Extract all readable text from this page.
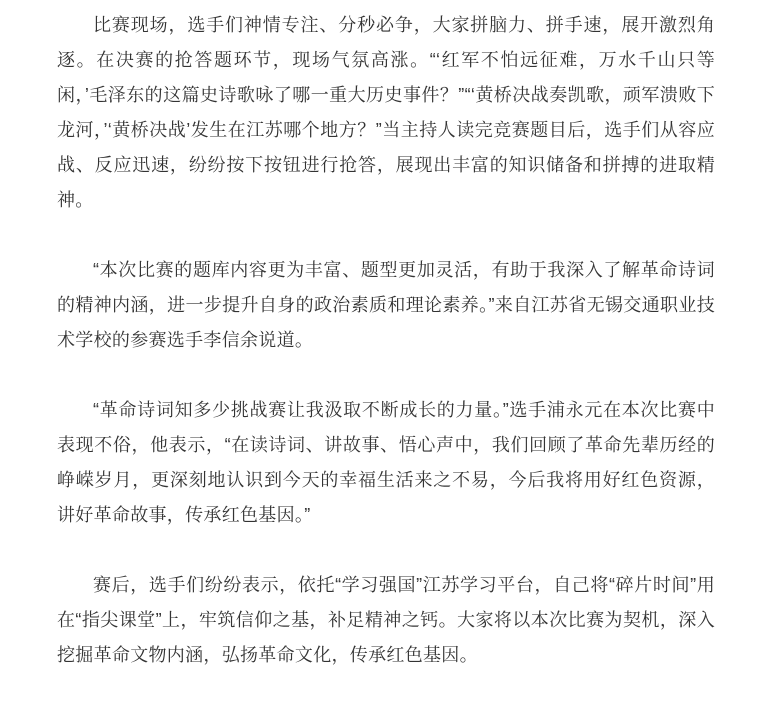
比赛现场，选手们神情专注、分秒必争，大家拼脑力、拼手速，展开激烈角逐。在决赛的抢答题环节，现场气氛高涨。“‘红军不怕远征难，万水千山只等闲，’毛泽东的这篇史诗歌咏了哪一重大历史事件？”“‘黄桥决战奏凯歌，顽军溃败下龙河，’‘黄桥决战’发生在江苏哪个地方？”当主持人读完竞赛题目后，选手们从容应战、反应迅速，纷纷按下按钮进行抢答，展现出丰富的知识储备和拼搏的进取精神。

“本次比赛的题库内容更为丰富、题型更加灵活，有助于我深入了解革命诗词的精神内涵，进一步提升自身的政治素质和理论素养。”来自江苏省无锡交通职业技术学校的参赛选手李信余说道。

“革命诗词知多少挑战赛让我汲取不断成长的力量。”选手浦永元在本次比赛中表现不俗，他表示，“在读诗词、讲故事、悟心声中，我们回顾了革命先辈历经的峥嵘岁月，更深刻地认识到今天的幸福生活来之不易，今后我将用好红色资源，讲好革命故事，传承红色基因。”

赛后，选手们纷纷表示，依托“学习强国”江苏学习平台，自己将“碎片时间”用在“指尖课堂”上，牢筑信仰之基，补足精神之钙。大家将以本次比赛为契机，深入挖掘革命文物内涵，弘扬革命文化，传承红色基因。
